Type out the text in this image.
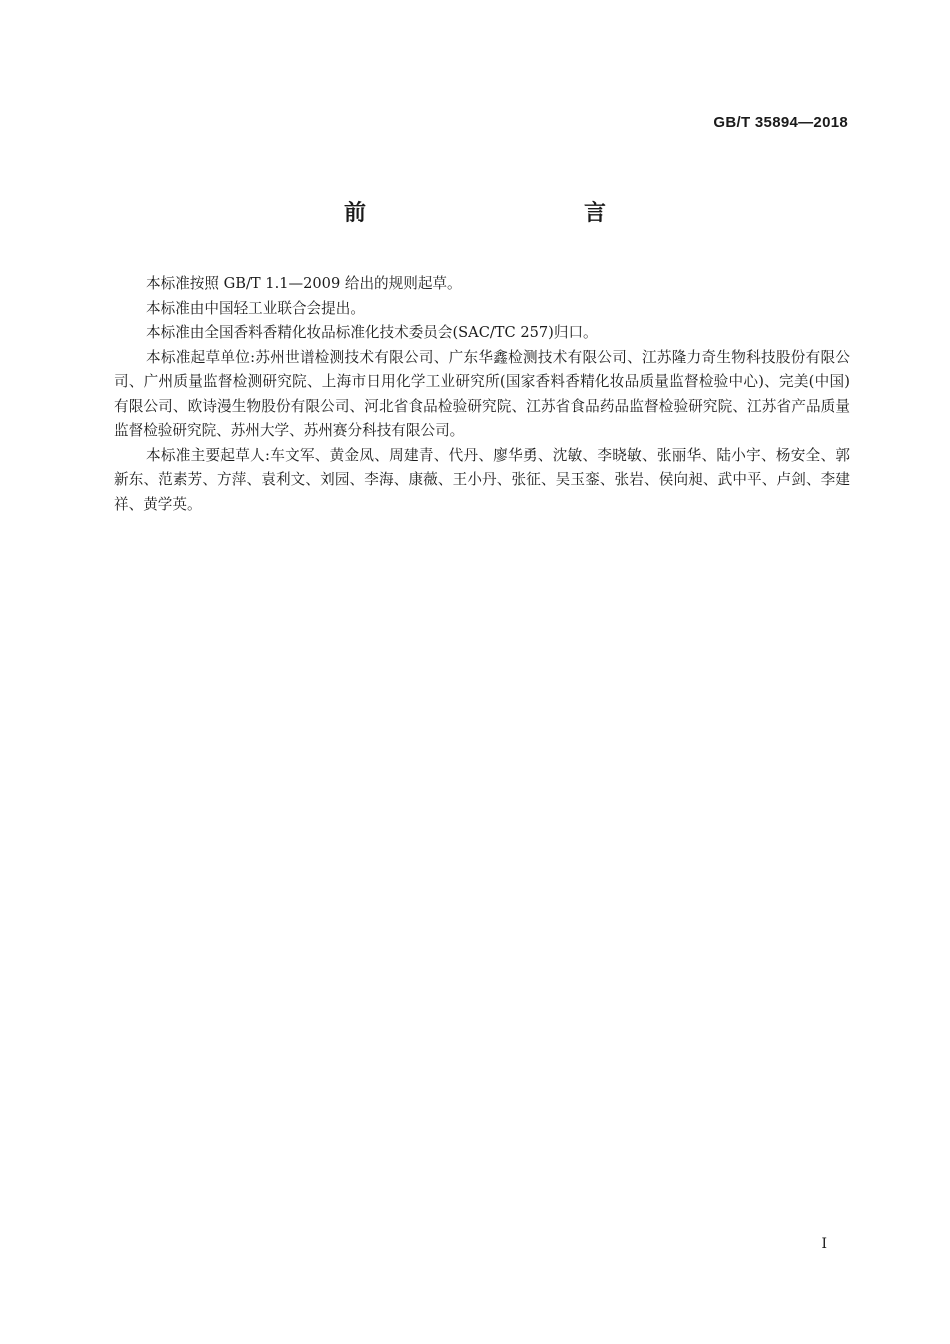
GB/T 35894—2018
前　　言

本标准按照 GB/T 1.1—2009 给出的规则起草。

本标准由中国轻工业联合会提出。

本标准由全国香料香精化妆品标准化技术委员会(SAC/TC 257)归口。

本标准起草单位:苏州世谱检测技术有限公司、广东华鑫检测技术有限公司、江苏隆力奇生物科技股份有限公司、广州质量监督检测研究院、上海市日用化学工业研究所(国家香料香精化妆品质量监督检验中心)、完美(中国)有限公司、欧诗漫生物股份有限公司、河北省食品检验研究院、江苏省食品药品监督检验研究院、江苏省产品质量监督检验研究院、苏州大学、苏州赛分科技有限公司。

本标准主要起草人:车文军、黄金凤、周建青、代丹、廖华勇、沈敏、李晓敏、张丽华、陆小宇、杨安全、郭新东、范素芳、方萍、袁利文、刘园、李海、康薇、王小丹、张征、吴玉銮、张岩、侯向昶、武中平、卢剑、李建祥、黄学英。

I
